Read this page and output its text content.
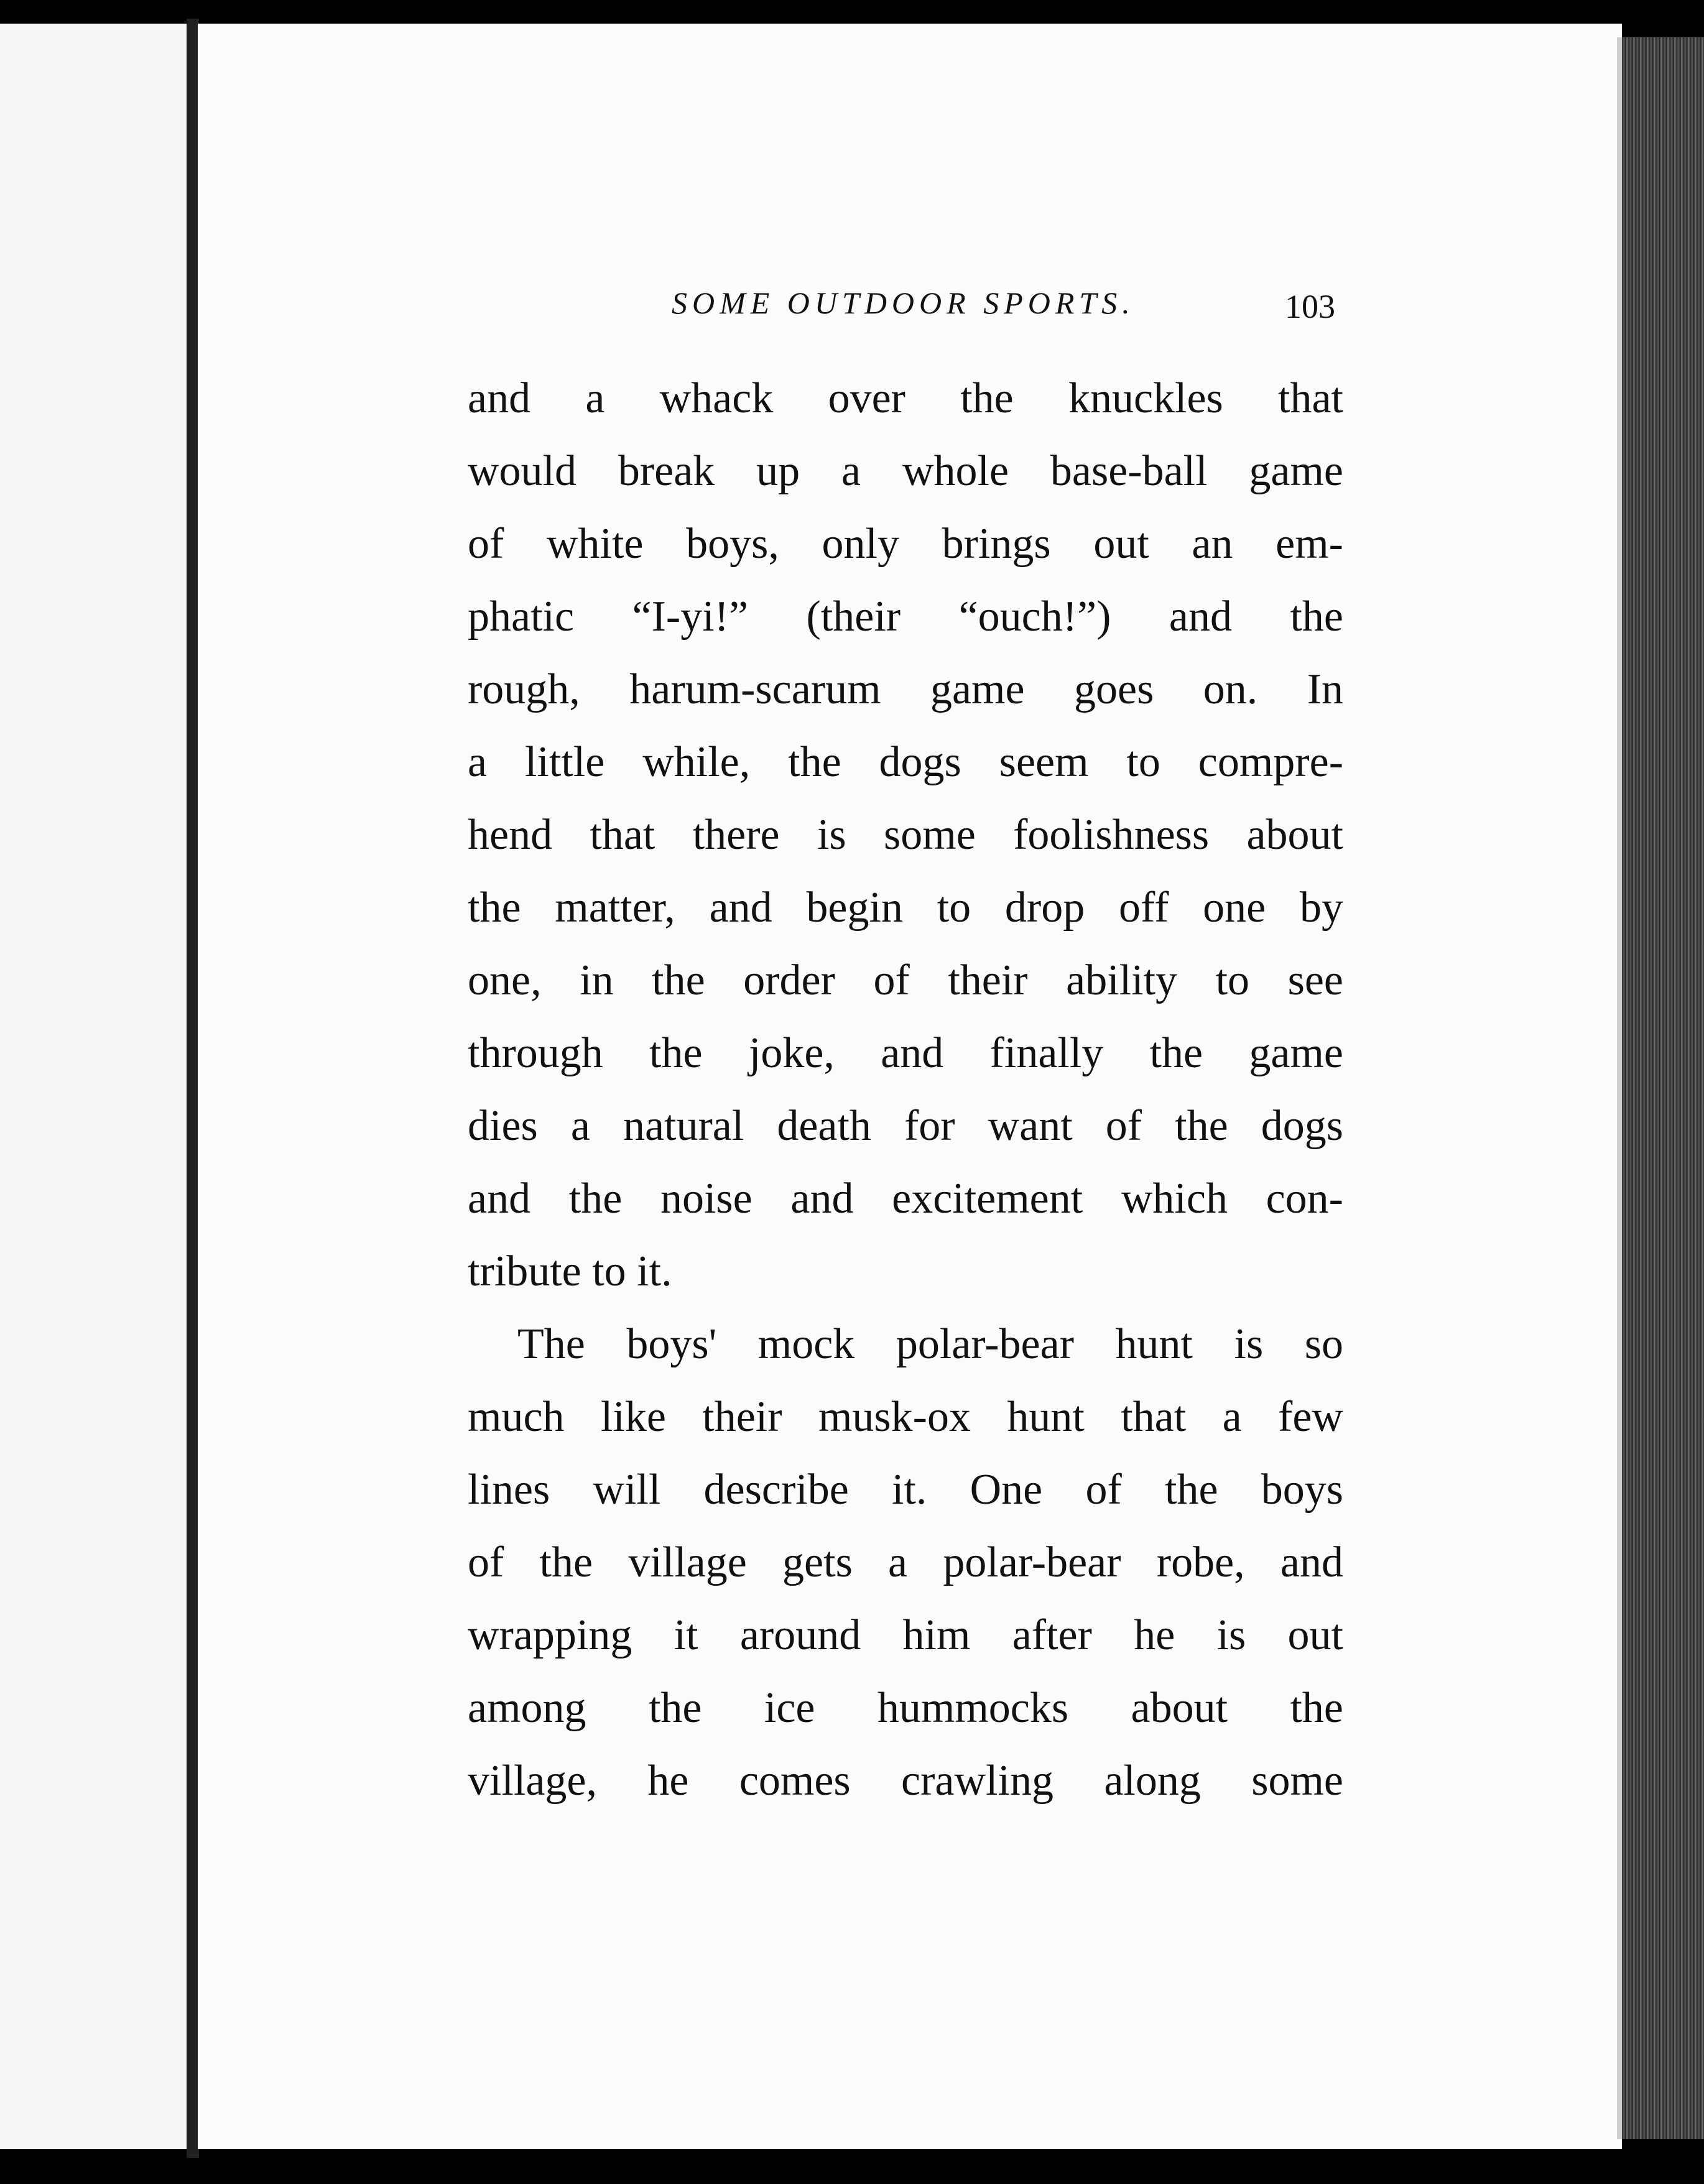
SOME OUTDOOR SPORTS.	103
and a whack over the knuckles that
would break up a whole base-ball game
of white boys, only brings out an em-
phatic “I-yi!” (their “ouch!”) and the
rough, harum-scarum game goes on. In
a little while, the dogs seem to compre-
hend that there is some foolishness about
the matter, and begin to drop off one by
one, in the order of their ability to see
through the joke, and finally the game
dies a natural death for want of the dogs
and the noise and excitement which con-
tribute to it.
The boys' mock polar-bear hunt is so
much like their musk-ox hunt that a few
lines will describe it. One of the boys
of the village gets a polar-bear robe, and
wrapping it around him after he is out
among the ice hummocks about the
village, he comes crawling along some
